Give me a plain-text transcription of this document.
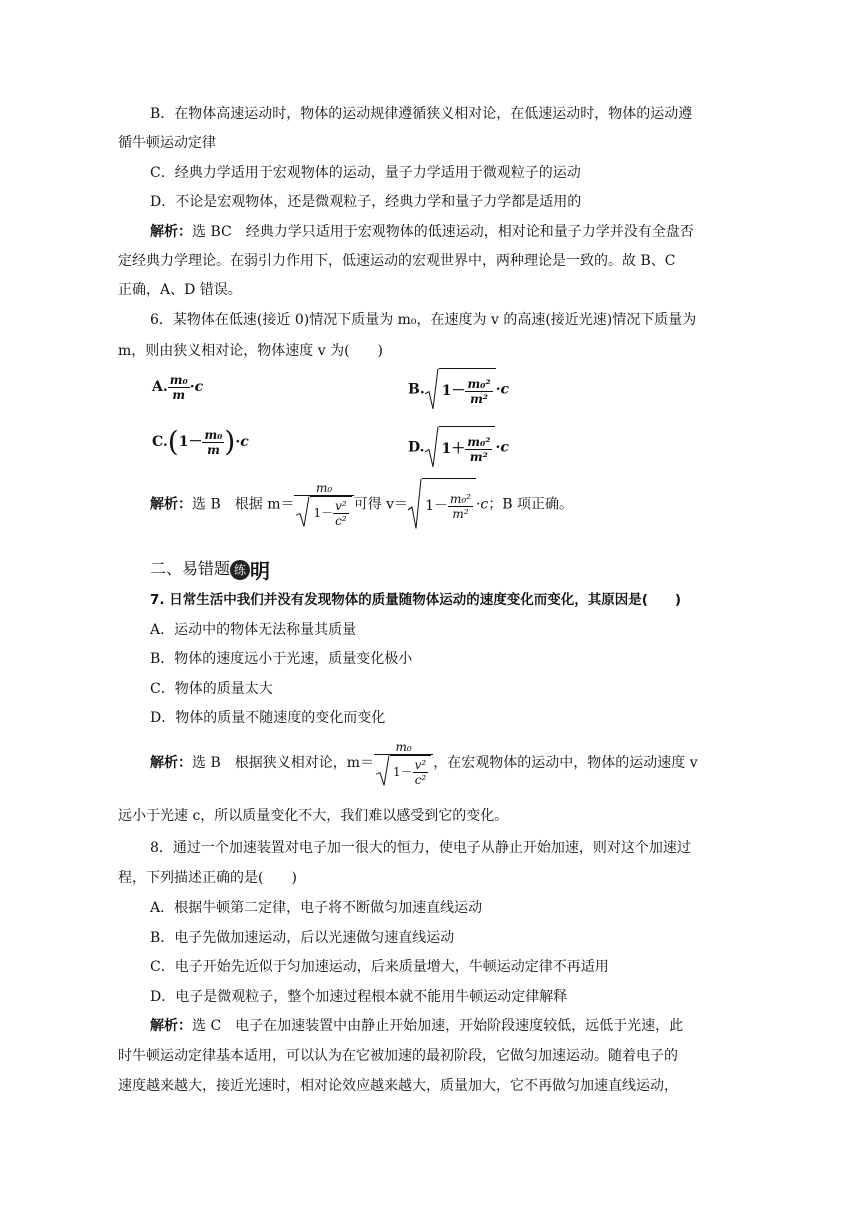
B．在物体高速运动时，物体的运动规律遵循狭义相对论，在低速运动时，物体的运动遵
循牛顿运动定律
C．经典力学适用于宏观物体的运动，量子力学适用于微观粒子的运动
D．不论是宏观物体，还是微观粒子，经典力学和量子力学都是适用的
解析：选 BC　经典力学只适用于宏观物体的低速运动，相对论和量子力学并没有全盘否
定经典力学理论。在弱引力作用下，低速运动的宏观世界中，两种理论是一致的。故 B、C
正确，A、D 错误。
6．某物体在低速(接近 0)情况下质量为 m₀，在速度为 v 的高速(接近光速)情况下质量为
m，则由狭义相对论，物体速度 v 为(　　)
A. $\frac{\text{m₀}}{m} \cdot c$	B. $1- \frac{\text{m₀²}}{\text{m²}} \cdot c$
$C.(1- \frac{\text{m₀}}{m} )\cdot c$	D. $1+ \frac{\text{m₀²}}{\text{m²}} \cdot c$
解析：选 B　根据 $m= \frac{\text{m₀}}{1- \frac{\text{v²}}{\text{c²}}}$ 可得 $v= 1- \frac{\text{m₀²}}{\text{m²}} \cdot c$；B 项正确。
二、易错题 练 明
7. 日常生活中我们并没有发现物体的质量随物体运动的速度变化而变化，其原因是(　　)
A．运动中的物体无法称量其质量
B．物体的速度远小于光速，质量变化极小
C．物体的质量太大
D．物体的质量不随速度的变化而变化
解析：选 B　根据狭义相对论，$m= \frac{\text{m₀}}{1- \frac{\text{v²}}{\text{c²}}}$ ，在宏观物体的运动中，物体的运动速度 v
远小于光速 c，所以质量变化不大，我们难以感受到它的变化。
8．通过一个加速装置对电子加一很大的恒力，使电子从静止开始加速，则对这个加速过
程，下列描述正确的是(　　)
A．根据牛顿第二定律，电子将不断做匀加速直线运动
B．电子先做加速运动，后以光速做匀速直线运动
C．电子开始先近似于匀加速运动，后来质量增大，牛顿运动定律不再适用
D．电子是微观粒子，整个加速过程根本就不能用牛顿运动定律解释
解析：选 C　电子在加速装置中由静止开始加速，开始阶段速度较低，远低于光速，此
时牛顿运动定律基本适用，可以认为在它被加速的最初阶段，它做匀加速运动。随着电子的
速度越来越大，接近光速时，相对论效应越来越大，质量加大，它不再做匀加速直线运动，
